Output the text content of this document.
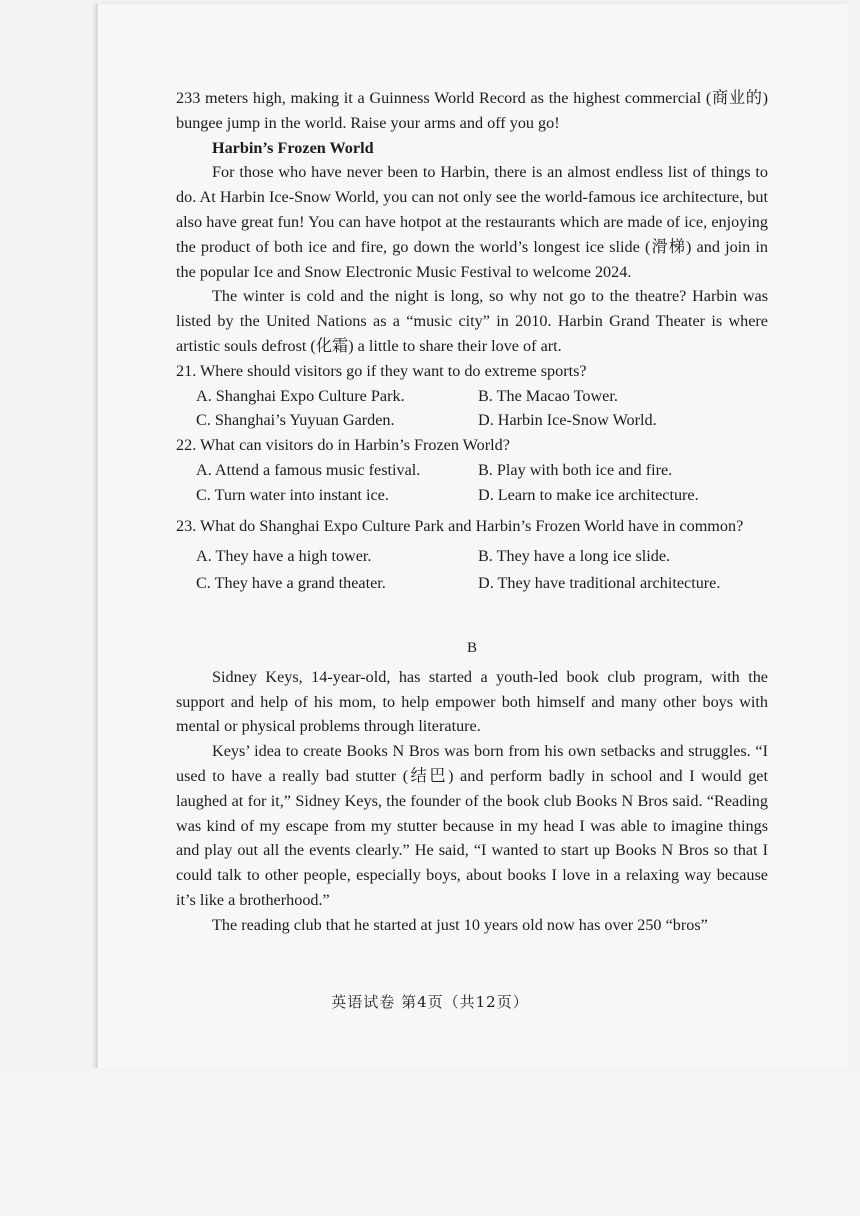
233 meters high, making it a Guinness World Record as the highest commercial (商业的) bungee jump in the world. Raise your arms and off you go!

Harbin’s Frozen World

For those who have never been to Harbin, there is an almost endless list of things to do. At Harbin Ice-Snow World, you can not only see the world-famous ice architecture, but also have great fun! You can have hotpot at the restaurants which are made of ice, enjoying the product of both ice and fire, go down the world’s longest ice slide (滑梯) and join in the popular Ice and Snow Electronic Music Festival to welcome 2024.

The winter is cold and the night is long, so why not go to the theatre? Harbin was listed by the United Nations as a “music city” in 2010. Harbin Grand Theater is where artistic souls defrost (化霜) a little to share their love of art.

21. Where should visitors go if they want to do extreme sports?

A. Shanghai Expo Culture Park.	B. The Macao Tower.
C. Shanghai’s Yuyuan Garden.	D. Harbin Ice-Snow World.

22. What can visitors do in Harbin’s Frozen World?

A. Attend a famous music festival.	B. Play with both ice and fire.
C. Turn water into instant ice.	D. Learn to make ice architecture.

23. What do Shanghai Expo Culture Park and Harbin’s Frozen World have in common?

A. They have a high tower.	B. They have a long ice slide.
C. They have a grand theater.	D. They have traditional architecture.

B

Sidney Keys, 14-year-old, has started a youth-led book club program, with the support and help of his mom, to help empower both himself and many other boys with mental or physical problems through literature.

Keys’ idea to create Books N Bros was born from his own setbacks and struggles. “I used to have a really bad stutter (结巴) and perform badly in school and I would get laughed at for it,” Sidney Keys, the founder of the book club Books N Bros said. “Reading was kind of my escape from my stutter because in my head I was able to imagine things and play out all the events clearly.” He said, “I wanted to start up Books N Bros so that I could talk to other people, especially boys, about books I love in a relaxing way because it’s like a brotherhood.”

The reading club that he started at just 10 years old now has over 250 “bros”

英语试卷 第4页（共12页）
